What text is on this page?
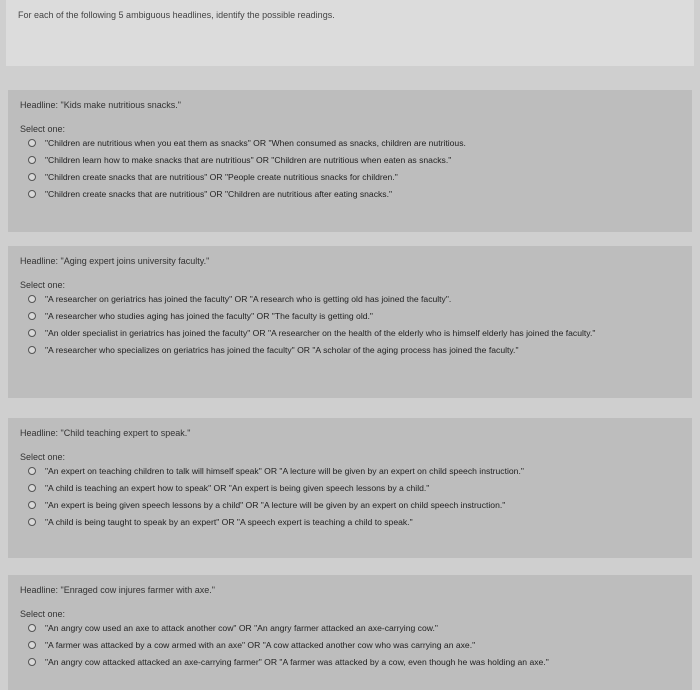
For each of the following 5 ambiguous headlines, identify the possible readings.
Headline: "Kids make nutritious snacks."
Select one:
"Children are nutritious when you eat them as snacks" OR "When consumed as snacks, children are nutritious.
"Children learn how to make snacks that are nutritious" OR "Children are nutritious when eaten as snacks."
"Children create snacks that are nutritious" OR "People create nutritious snacks for children."
"Children create snacks that are nutritious" OR "Children are nutritious after eating snacks."
Headline: "Aging expert joins university faculty."
Select one:
"A researcher on geriatrics has joined the faculty" OR "A research who is getting old has joined the faculty".
"A researcher who studies aging has joined the faculty" OR "The faculty is getting old."
"An older specialist in geriatrics has joined the faculty" OR "A researcher on the health of the elderly who is himself elderly has joined the faculty."
"A researcher who specializes on geriatrics has joined the faculty" OR "A scholar of the aging process has joined the faculty."
Headline: "Child teaching expert to speak."
Select one:
"An expert on teaching children to talk will himself speak" OR "A lecture will be given by an expert on child speech instruction."
"A child is teaching an expert how to speak" OR "An expert is being given speech lessons by a child."
"An expert is being given speech lessons by a child" OR "A lecture will be given by an expert on child speech instruction."
"A child is being taught to speak by an expert" OR "A speech expert is teaching a child to speak."
Headline: "Enraged cow injures farmer with axe."
Select one:
"An angry cow used an axe to attack another cow" OR "An angry farmer attacked an axe-carrying cow."
"A farmer was attacked by a cow armed with an axe" OR "A cow attacked another cow who was carrying an axe."
"An angry cow attacked attacked an axe-carrying farmer" OR "A farmer was attacked by a cow, even though he was holding an axe."
